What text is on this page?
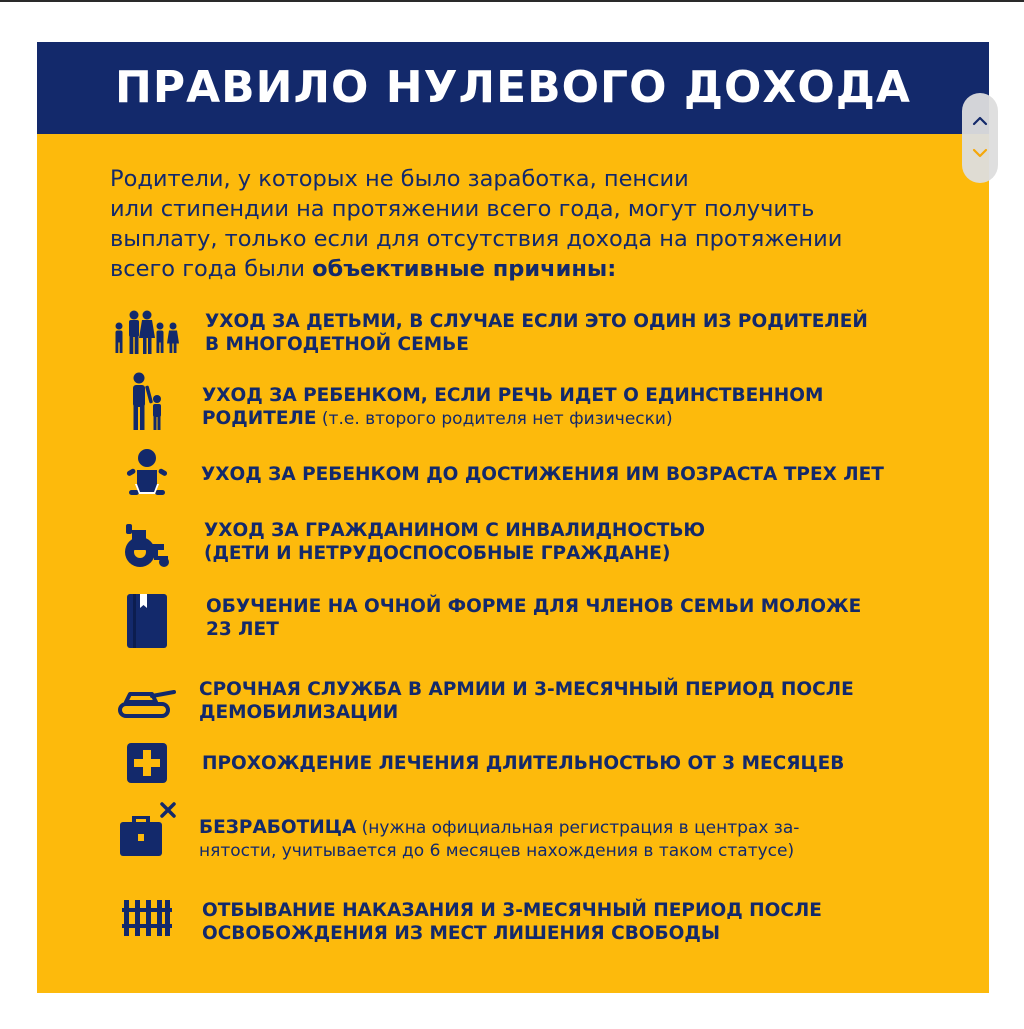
ПРАВИЛО НУЛЕВОГО ДОХОДА
Родители, у которых не было заработка, пенсии
или стипендии на протяжении всего года, могут получить
выплату, только если для отсутствия дохода на протяжении
всего года были объективные причины:
УХОД ЗА ДЕТЬМИ, В СЛУЧАЕ ЕСЛИ ЭТО ОДИН ИЗ РОДИТЕЛЕЙ
В МНОГОДЕТНОЙ СЕМЬЕ
УХОД ЗА РЕБЕНКОМ, ЕСЛИ РЕЧЬ ИДЕТ О ЕДИНСТВЕННОМ
РОДИТЕЛЕ (т.е. второго родителя нет физически)
УХОД ЗА РЕБЕНКОМ ДО ДОСТИЖЕНИЯ ИМ ВОЗРАСТА ТРЕХ ЛЕТ
УХОД ЗА ГРАЖДАНИНОМ С ИНВАЛИДНОСТЬЮ
(ДЕТИ И НЕТРУДОСПОСОБНЫЕ ГРАЖДАНЕ)
ОБУЧЕНИЕ НА ОЧНОЙ ФОРМЕ ДЛЯ ЧЛЕНОВ СЕМЬИ МОЛОЖЕ
23 ЛЕТ
СРОЧНАЯ СЛУЖБА В АРМИИ И 3-МЕСЯЧНЫЙ ПЕРИОД ПОСЛЕ
ДЕМОБИЛИЗАЦИИ
ПРОХОЖДЕНИЕ ЛЕЧЕНИЯ ДЛИТЕЛЬНОСТЬЮ ОТ 3 МЕСЯЦЕВ
БЕЗРАБОТИЦА (нужна официальная регистрация в центрах за-
нятости, учитывается до 6 месяцев нахождения в таком статусе)
ОТБЫВАНИЕ НАКАЗАНИЯ И 3-МЕСЯЧНЫЙ ПЕРИОД ПОСЛЕ
ОСВОБОЖДЕНИЯ ИЗ МЕСТ ЛИШЕНИЯ СВОБОДЫ
